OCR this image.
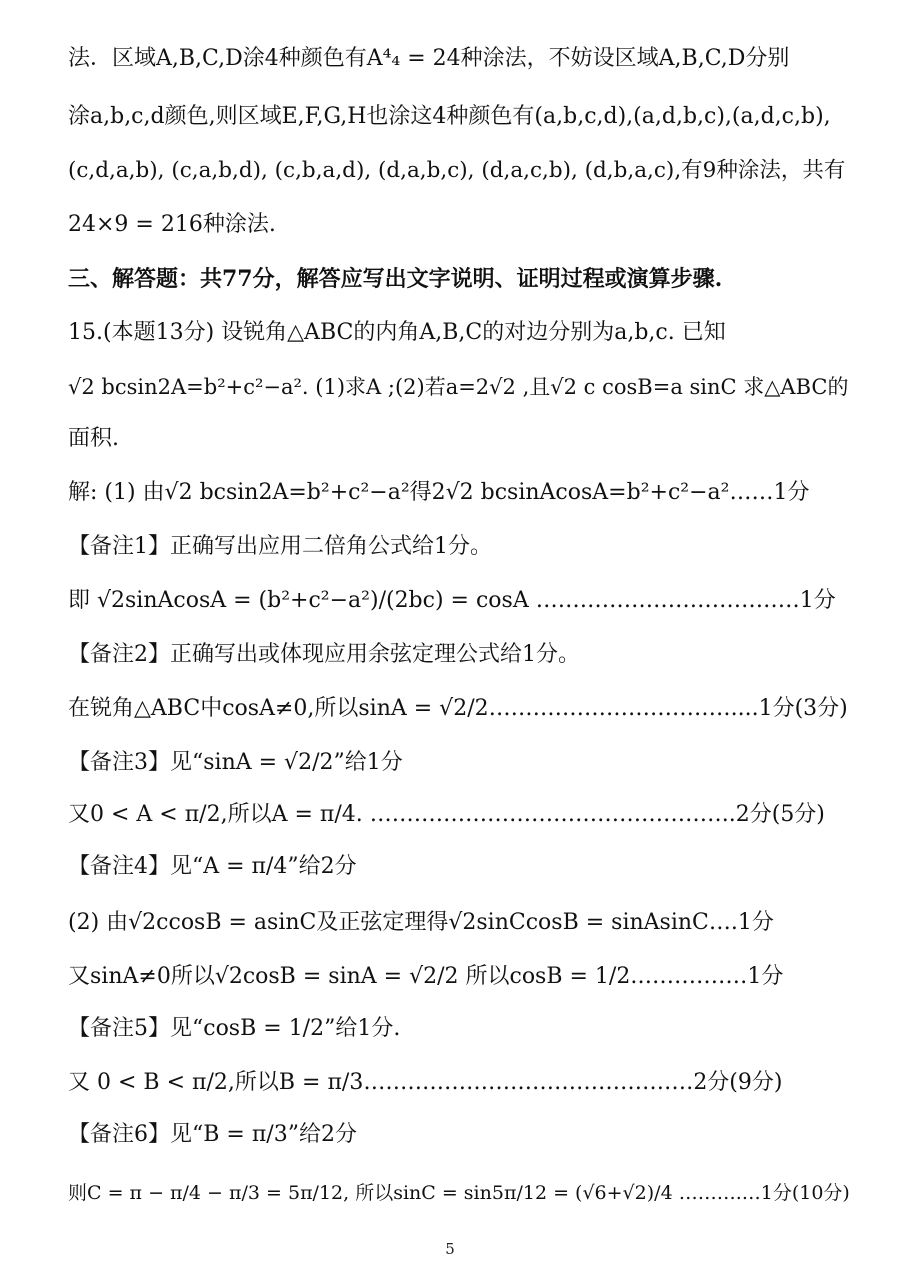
法．区域A,B,C,D涂4种颜色有A⁴₄ = 24种涂法，不妨设区域A,B,C,D分别
涂a,b,c,d颜色,则区域E,F,G,H也涂这4种颜色有(a,b,c,d),(a,d,b,c),(a,d,c,b),
(c,d,a,b), (c,a,b,d), (c,b,a,d), (d,a,b,c), (d,a,c,b), (d,b,a,c),有9种涂法，共有
24×9 = 216种涂法.
三、解答题：共77分，解答应写出文字说明、证明过程或演算步骤.
15.(本题13分) 设锐角△ABC的内角A,B,C的对边分别为a,b,c. 已知
√2 bcsin2A=b²+c²−a². (1)求A ;(2)若a=2√2 ,且√2 c cosB=a sinC 求△ABC的
面积.
解: (1) 由√2 bcsin2A=b²+c²−a²得2√2 bcsinAcosA=b²+c²−a²……1分
【备注1】正确写出应用二倍角公式给1分。
即 √2sinAcosA = (b²+c²−a²)/(2bc) = cosA ………………………………1分
【备注2】正确写出或体现应用余弦定理公式给1分。
在锐角△ABC中cosA≠0,所以sinA = √2/2……………………………....1分(3分)
【备注3】见“sinA = √2/2”给1分
又0 < A < π/2,所以A = π/4. …………………………………………..2分(5分)
【备注4】见“A = π/4”给2分
(2) 由√2ccosB = asinC及正弦定理得√2sinCcosB = sinAsinC….1分
又sinA≠0所以√2cosB = sinA = √2/2 所以cosB = 1/2.……………1分
【备注5】见“cosB = 1/2”给1分.
又 0 < B < π/2,所以B = π/3………………………………………2分(9分)
【备注6】见“B = π/3”给2分
则C = π − π/4 − π/3 = 5π/12, 所以sinC = sin5π/12 = (√6+√2)/4 ……….…1分(10分)
5
